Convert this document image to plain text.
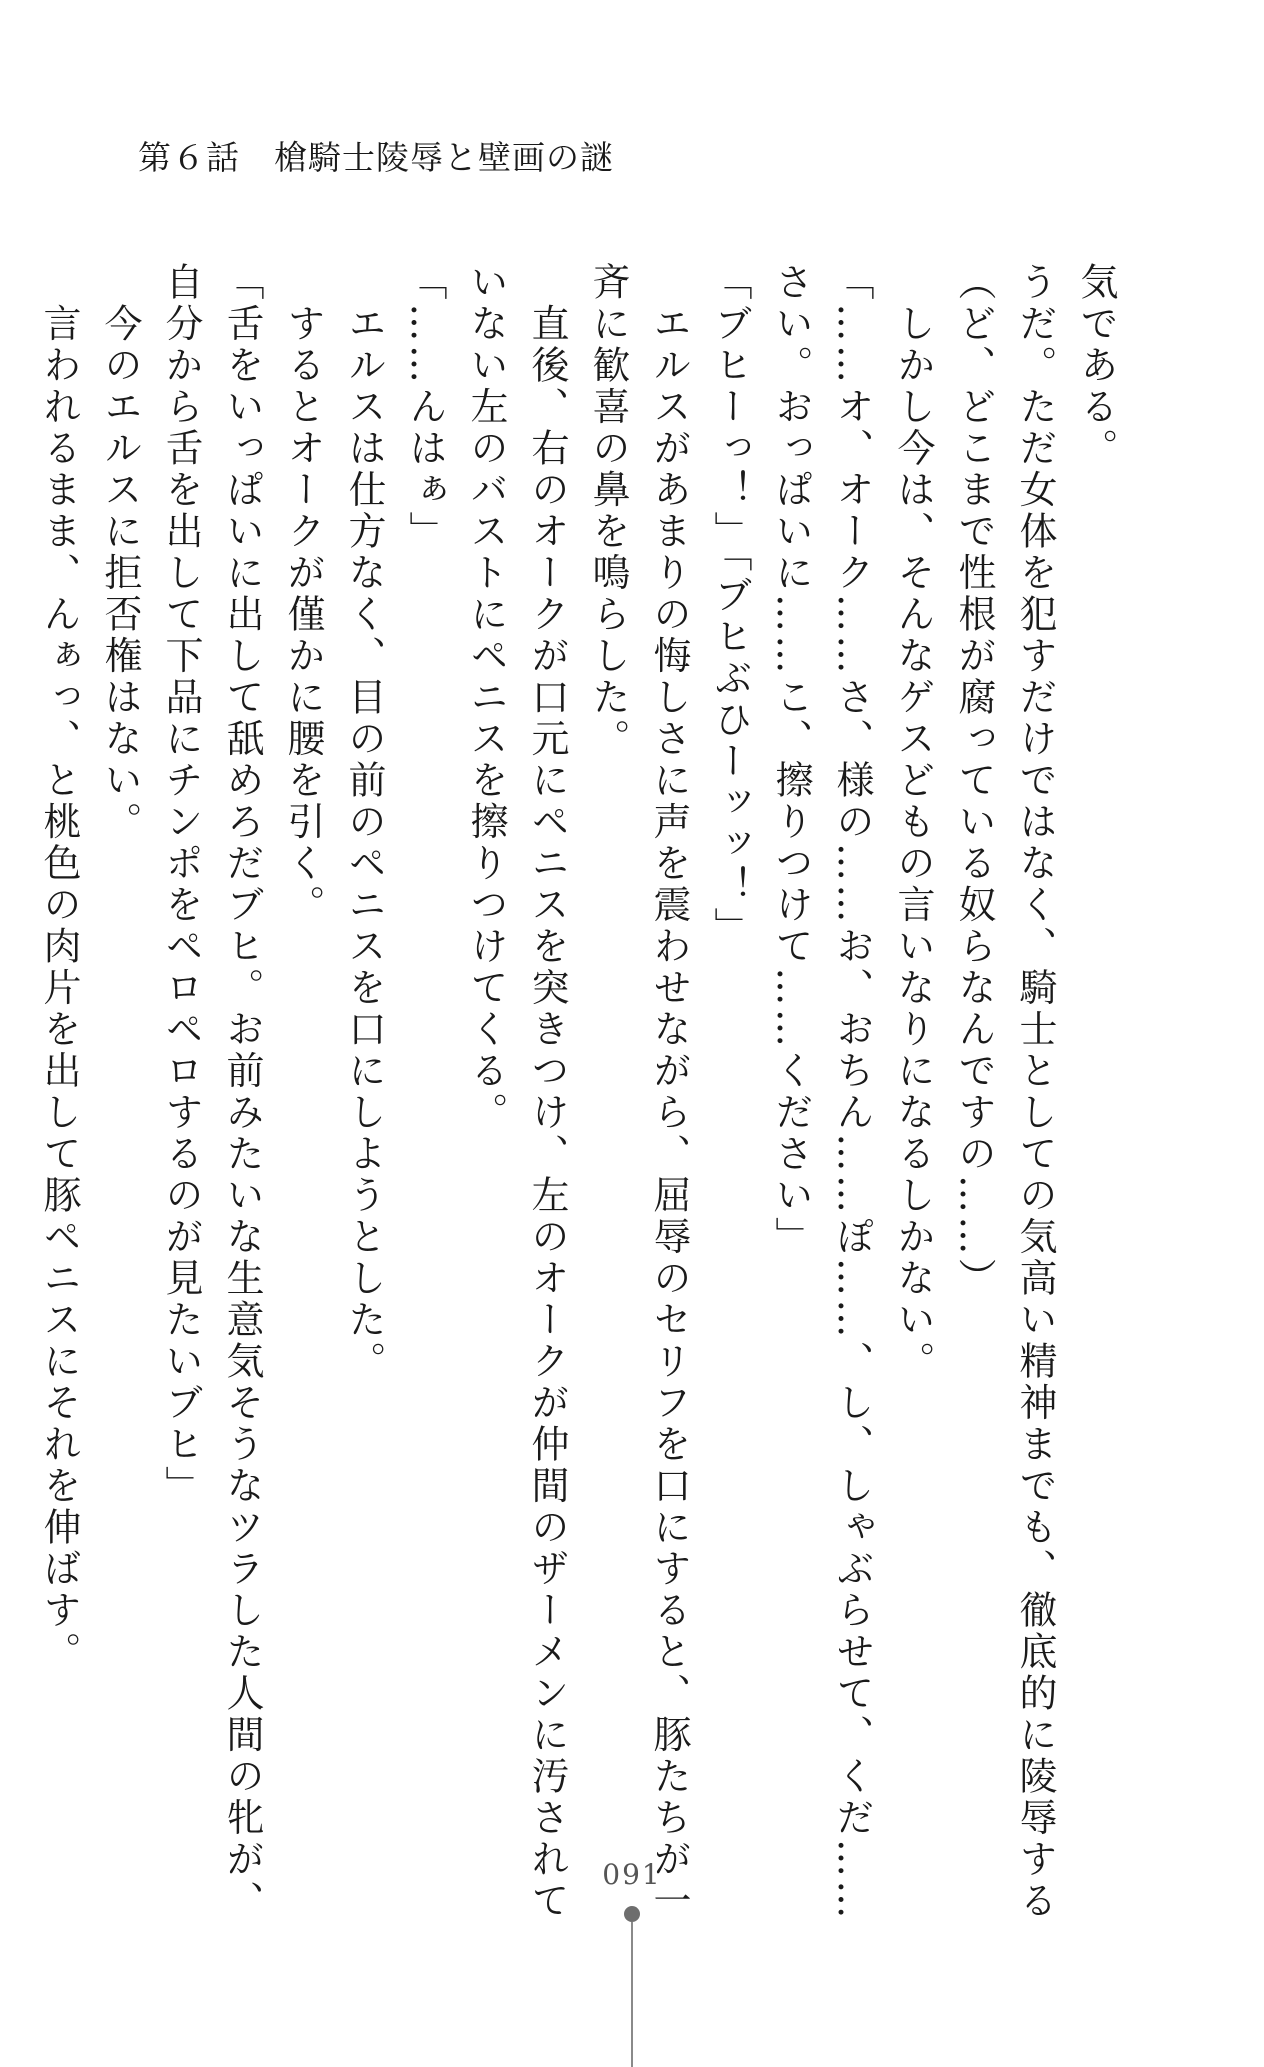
第６話　槍騎士陵辱と壁画の謎

気である。

うだ。ただ女体を犯すだけではなく、騎士としての気高い精神までも、徹底的に陵辱する

（ど、どこまで性根が腐っている奴らなんですの……）

　しかし今は、そんなゲスどもの言いなりになるしかない。

「……オ、オーク……さ、様の……お、おちん……ぽ……、し、しゃぶらせて、くだ……

さい。おっぱいに……こ、擦りつけて……ください」

「ブヒーっ！」「ブヒぶひーッッ！」

　エルスがあまりの悔しさに声を震わせながら、屈辱のセリフを口にすると、豚たちが一

斉に歓喜の鼻を鳴らした。

　直後、右のオークが口元にペニスを突きつけ、左のオークが仲間のザーメンに汚されて

いない左のバストにペニスを擦りつけてくる。

「……んはぁ」

　エルスは仕方なく、目の前のペニスを口にしようとした。

　するとオークが僅かに腰を引く。

「舌をいっぱいに出して舐めろだブヒ。お前みたいな生意気そうなツラした人間の牝が、

自分から舌を出して下品にチンポをペロペロするのが見たいブヒ」

　今のエルスに拒否権はない。

　言われるまま、んぁっ、と桃色の肉片を出して豚ペニスにそれを伸ばす。

091
